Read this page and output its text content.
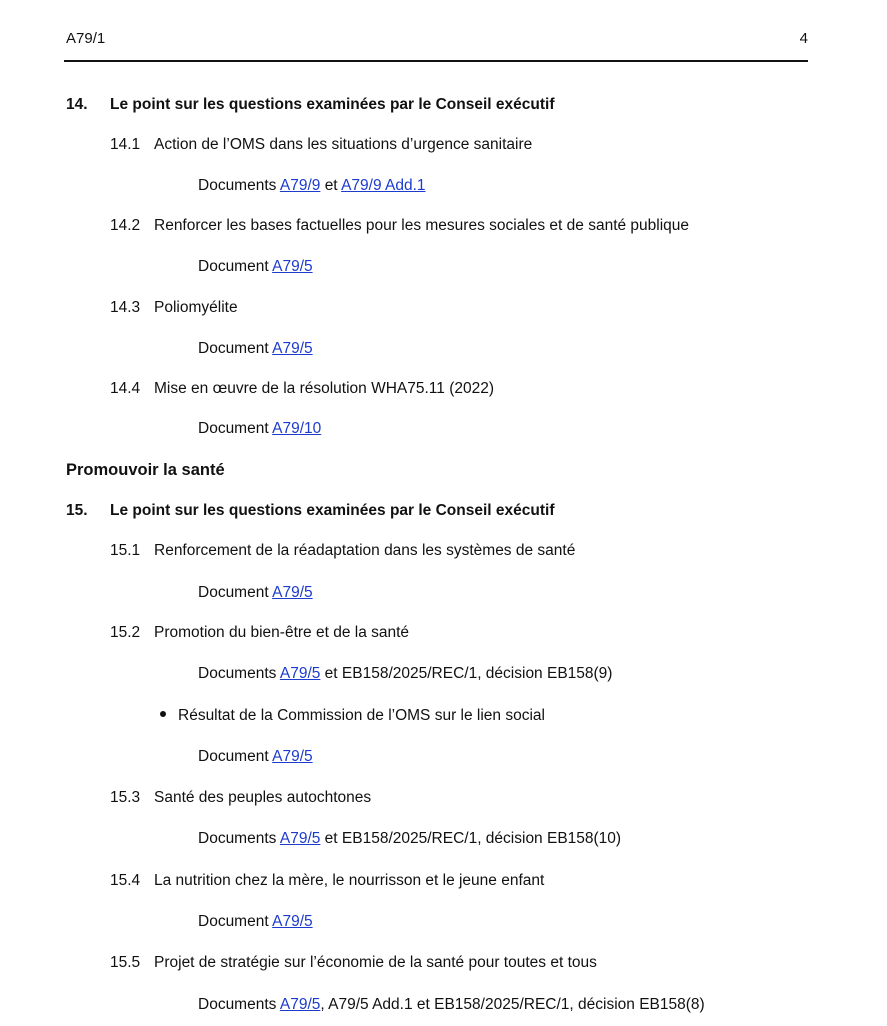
A79/1	4
14. Le point sur les questions examinées par le Conseil exécutif
14.1 Action de l’OMS dans les situations d’urgence sanitaire
Documents A79/9 et A79/9 Add.1
14.2 Renforcer les bases factuelles pour les mesures sociales et de santé publique
Document A79/5
14.3 Poliomyélite
Document A79/5
14.4 Mise en œuvre de la résolution WHA75.11 (2022)
Document A79/10
Promouvoir la santé
15. Le point sur les questions examinées par le Conseil exécutif
15.1 Renforcement de la réadaptation dans les systèmes de santé
Document A79/5
15.2 Promotion du bien-être et de la santé
Documents A79/5 et EB158/2025/REC/1, décision EB158(9)
Résultat de la Commission de l’OMS sur le lien social
Document A79/5
15.3 Santé des peuples autochtones
Documents A79/5 et EB158/2025/REC/1, décision EB158(10)
15.4 La nutrition chez la mère, le nourrisson et le jeune enfant
Document A79/5
15.5 Projet de stratégie sur l’économie de la santé pour toutes et tous
Documents A79/5, A79/5 Add.1 et EB158/2025/REC/1, décision EB158(8)
